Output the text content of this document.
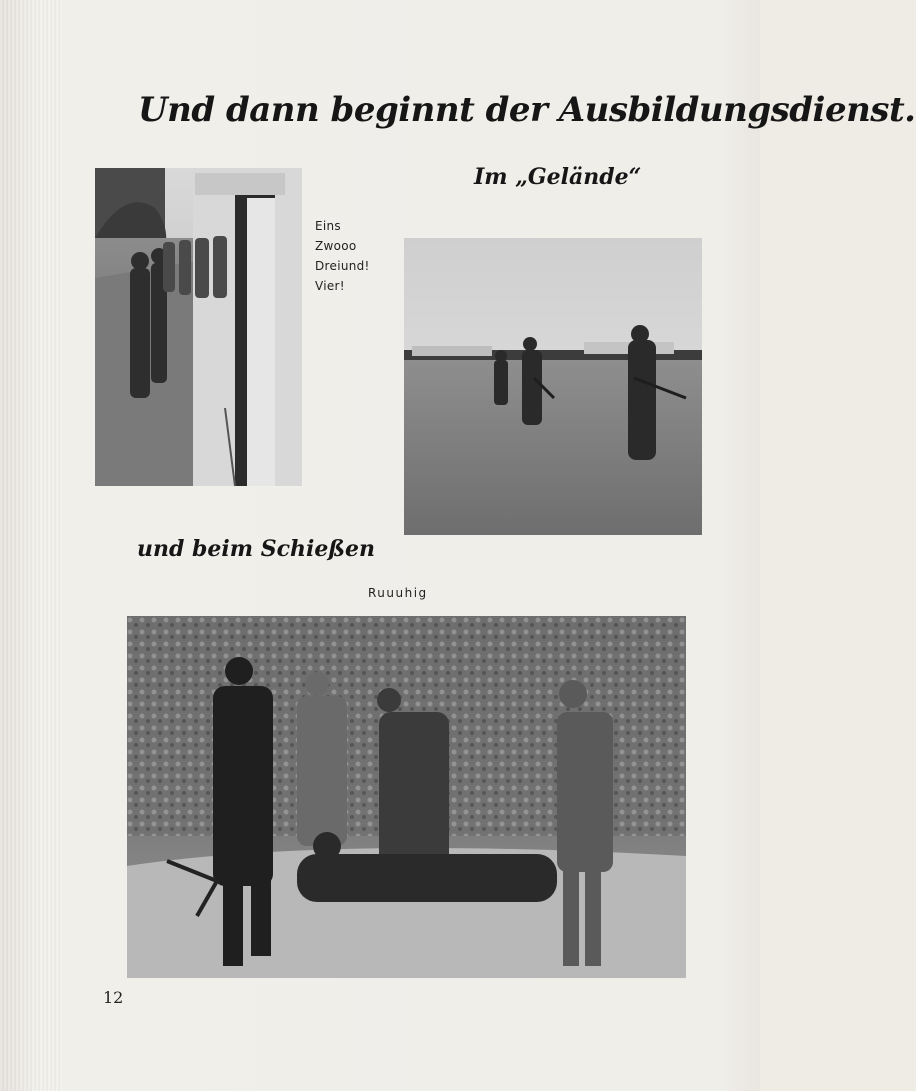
Und dann beginnt der Ausbildungsdienst.
Eins
Zwooo
Dreiund!
Vier!
Im „Gelände“
und beim Schießen
Ruuuhig
12
